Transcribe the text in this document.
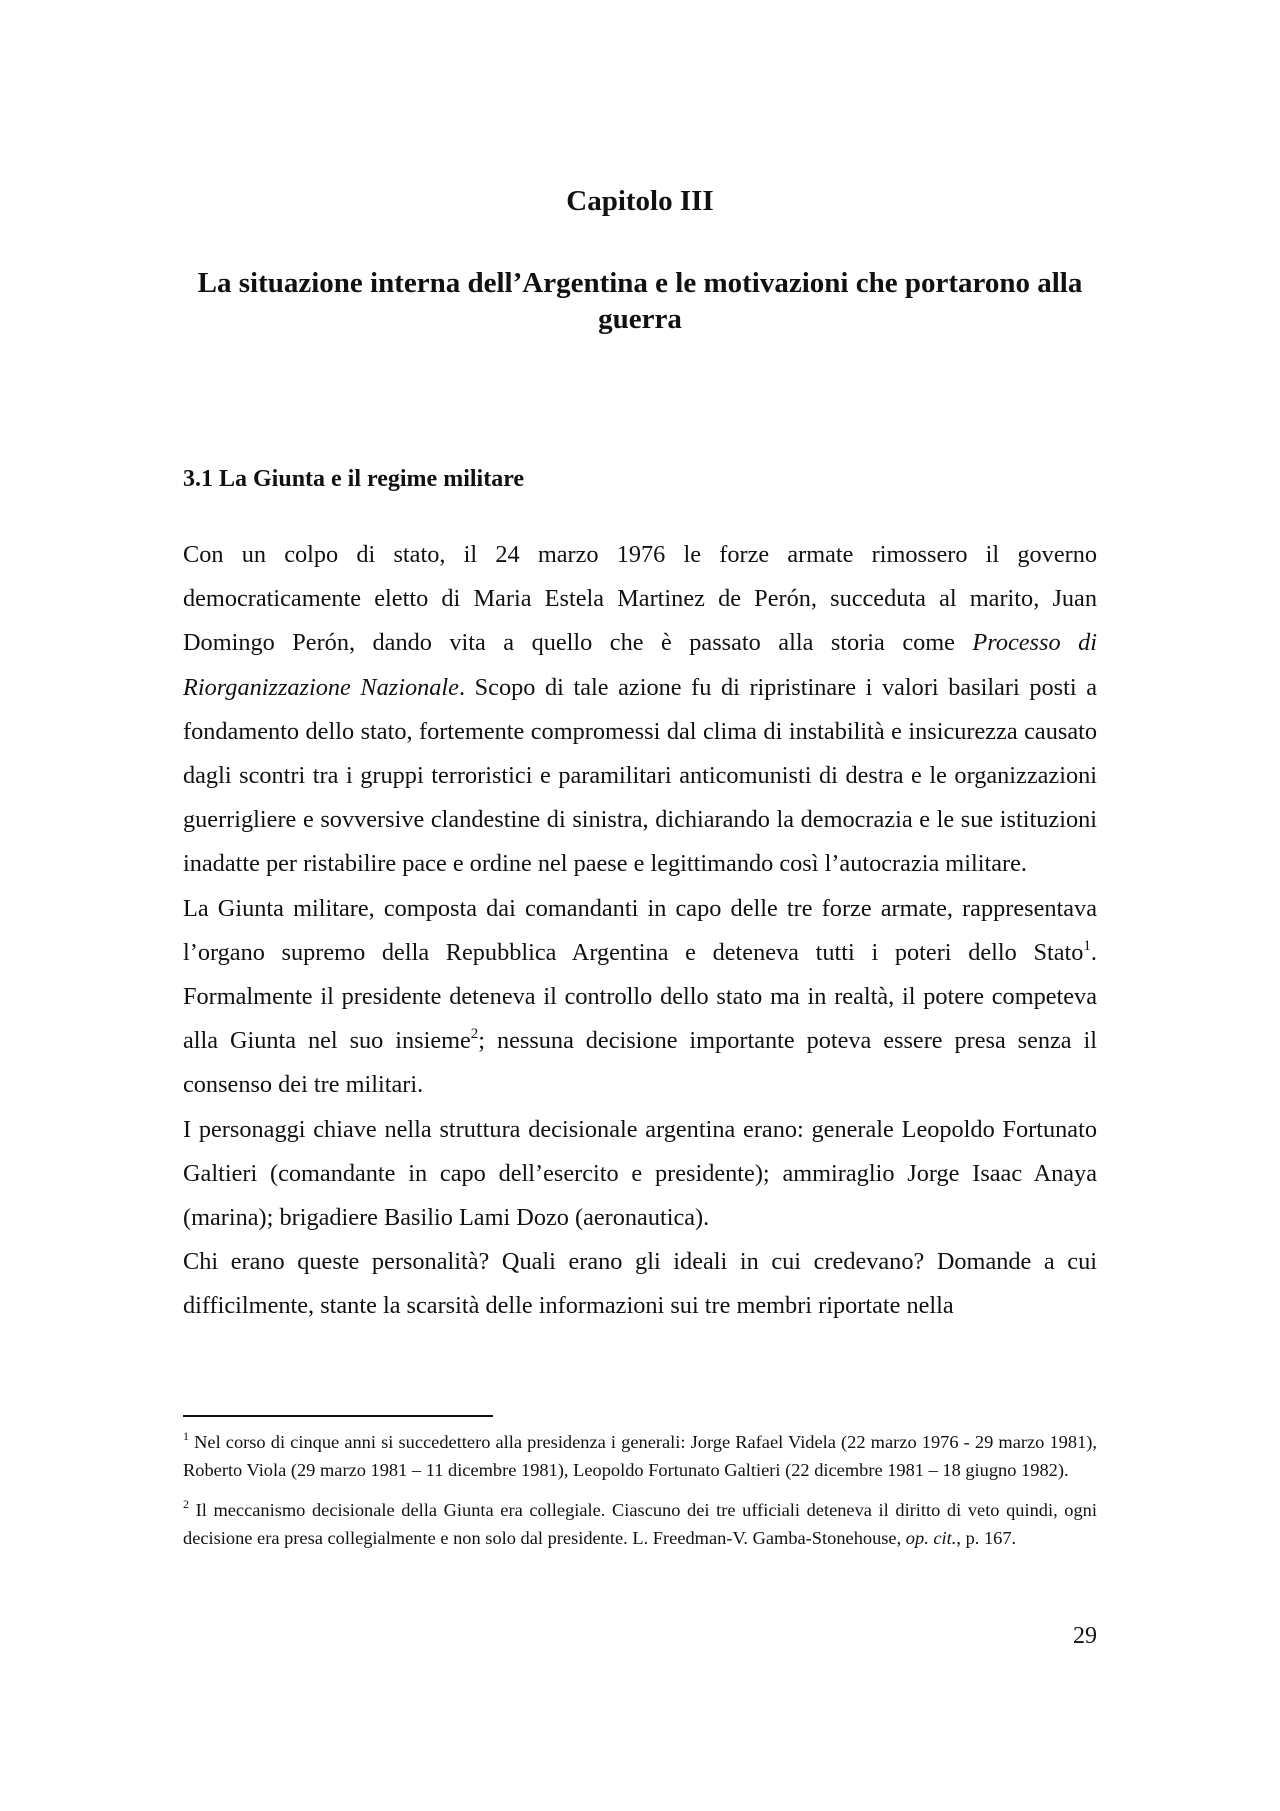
Capitolo III
La situazione interna dell’Argentina e le motivazioni che portarono alla guerra
3.1 La Giunta e il regime militare

Con un colpo di stato, il 24 marzo 1976 le forze armate rimossero il governo democraticamente eletto di Maria Estela Martinez de Perón, succeduta al marito, Juan Domingo Perón, dando vita a quello che è passato alla storia come Processo di Riorganizzazione Nazionale. Scopo di tale azione fu di ripristinare i valori basilari posti a fondamento dello stato, fortemente compromessi dal clima di instabilità e insicurezza causato dagli scontri tra i gruppi terroristici e paramilitari anticomunisti di destra e le organizzazioni guerrigliere e sovversive clandestine di sinistra, dichiarando la democrazia e le sue istituzioni inadatte per ristabilire pace e ordine nel paese e legittimando così l’autocrazia militare.

La Giunta militare, composta dai comandanti in capo delle tre forze armate, rappresentava l’organo supremo della Repubblica Argentina e deteneva tutti i poteri dello Stato$^1$. Formalmente il presidente deteneva il controllo dello stato ma in realtà, il potere competeva alla Giunta nel suo insieme$^2$; nessuna decisione importante poteva essere presa senza il consenso dei tre militari.

I personaggi chiave nella struttura decisionale argentina erano: generale Leopoldo Fortunato Galtieri (comandante in capo dell’esercito e presidente); ammiraglio Jorge Isaac Anaya (marina); brigadiere Basilio Lami Dozo (aeronautica).

Chi erano queste personalità? Quali erano gli ideali in cui credevano? Domande a cui difficilmente, stante la scarsità delle informazioni sui tre membri riportate nella

$^1$ Nel corso di cinque anni si succedettero alla presidenza i generali: Jorge Rafael Videla (22 marzo 1976 - 29 marzo 1981), Roberto Viola (29 marzo 1981 – 11 dicembre 1981), Leopoldo Fortunato Galtieri (22 dicembre 1981 – 18 giugno 1982).

$^2$ Il meccanismo decisionale della Giunta era collegiale. Ciascuno dei tre ufficiali deteneva il diritto di veto quindi, ogni decisione era presa collegialmente e non solo dal presidente. L. Freedman-V. Gamba-Stonehouse, op. cit., p. 167.

29
